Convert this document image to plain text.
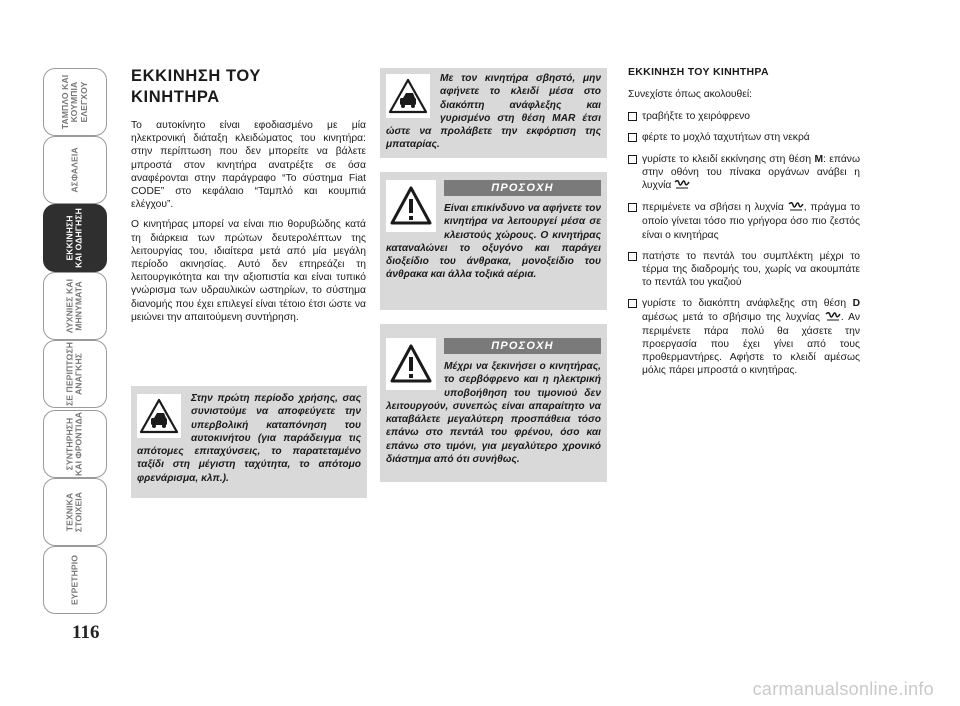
ΤΑΜΠΛΟ ΚΑΙ
ΚΟΥΜΠΙΑ
ΕΛΕΓΧΟΥ
ΑΣΦΑΛΕΙΑ
ΕΚΚΙΝΗΣΗ
ΚΑΙ ΟΔΗΓΗΣΗ
ΛΥΧΝΙΕΣ ΚΑΙ
ΜΗΝΥΜΑΤΑ
ΣΕ ΠΕΡΙΠΤΩΣΗ
ΑΝΑΓΚΗΣ
ΣΥΝΤΗΡΗΣΗ
ΚΑΙ ΦΡΟΝΤΙΔΑ
ΤΕΧΝΙΚΑ
ΣΤΟΙΧΕΙΑ
ΕΥΡΕΤΗΡΙΟ
116
ΕΚΚΙΝΗΣΗ ΤΟΥ ΚΙΝΗΤΗΡΑ

Το αυτοκίνητο είναι εφοδιασμένο με μία ηλεκτρονική διάταξη κλειδώματος του κινητήρα: στην περίπτωση που δεν μπορείτε να βάλετε μπροστά στον κινητήρα ανατρέξτε σε όσα αναφέρονται στην παράγραφο “Το σύστημα Fiat CODE” στο κεφάλαιο “Ταμπλό και κουμπιά ελέγχου”.

Ο κινητήρας μπορεί να είναι πιο θορυβώδης κατά τη διάρκεια των πρώτων δευτερολέπτων της λειτουργίας του, ιδιαίτερα μετά από μία μεγάλη περίοδο ακινησίας. Αυτό δεν επηρεάζει τη λειτουργικότητα και την αξιοπιστία και είναι τυπικό γνώρισμα των υδραυλικών ωστηρίων, το σύστημα διανομής που έχει επιλεγεί είναι τέτοιο έτσι ώστε να μειώνει την απαιτούμενη συντήρηση.

Στην πρώτη περίοδο χρήσης, σας συνιστούμε να αποφεύγετε την υπερβολική καταπόνηση του αυτοκινήτου (για παράδειγμα τις απότομες επιταχύνσεις, το παρατεταμένο ταξίδι στη μέγιστη ταχύτητα, το απότομο φρενάρισμα, κλπ.).
Με τον κινητήρα σβηστό, μην αφήνετε το κλειδί μέσα στο διακόπτη ανάφλεξης και γυρισμένο στη θέση MAR έτσι ώστε να προλάβετε την εκφόρτιση της μπαταρίας.
ΠΡΟΣΟΧΗ
Είναι επικίνδυνο να αφήνετε τον κινητήρα να λειτουργεί μέσα σε κλειστούς χώρους. Ο κινητήρας καταναλώνει το οξυγόνο και παράγει διοξείδιο του άνθρακα, μονοξείδιο του άνθρακα και άλλα τοξικά αέρια.
ΠΡΟΣΟΧΗ
Μέχρι να ξεκινήσει ο κινητήρας, το σερβόφρενο και η ηλεκτρική υποβοήθηση του τιμονιού δεν λειτουργούν, συνεπώς είναι απαραίτητο να καταβάλετε μεγαλύτερη προσπάθεια τόσο επάνω στο πεντάλ του φρένου, όσο και επάνω στο τιμόνι, για μεγαλύτερο χρονικό διάστημα από ότι συνήθως.
ΕΚΚΙΝΗΣΗ ΤΟΥ ΚΙΝΗΤΗΡΑ
Συνεχίστε όπως ακολουθεί:
τραβήξτε το χειρόφρενο
φέρτε το μοχλό ταχυτήτων στη νεκρά
γυρίστε το κλειδί εκκίνησης στη θέση M: επάνω στην οθόνη του πίνακα οργάνων ανάβει η λυχνία
περιμένετε να σβήσει η λυχνία , πράγμα το οποίο γίνεται τόσο πιο γρήγορα όσο πιο ζεστός είναι ο κινητήρας
πατήστε το πεντάλ του συμπλέκτη μέχρι το τέρμα της διαδρομής του, χωρίς να ακουμπάτε το πεντάλ του γκαζιού
γυρίστε το διακόπτη ανάφλεξης στη θέση D αμέσως μετά το σβήσιμο της λυχνίας . Αν περιμένετε πάρα πολύ θα χάσετε την προεργασία που έχει γίνει από τους προθερμαντήρες. Αφήστε το κλειδί αμέσως μόλις πάρει μπροστά ο κινητήρας.
carmanualsonline.info
